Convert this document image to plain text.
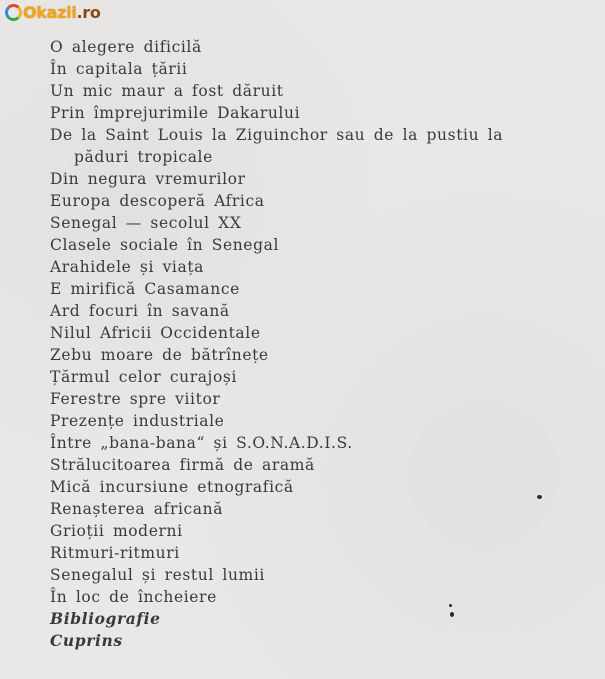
Okazii .ro
O alegere dificilă
În capitala țării
Un mic maur a fost dăruit
Prin împrejurimile Dakarului
De la Saint Louis la Ziguinchor sau de la pustiu la
păduri tropicale
Din negura vremurilor
Europa descoperă Africa
Senegal — secolul XX
Clasele sociale în Senegal
Arahidele și viața
E mirifică Casamance
Ard focuri în savană
Nilul Africii Occidentale
Zebu moare de bătrînețe
Țărmul celor curajoși
Ferestre spre viitor
Prezențe industriale
Între „bana-bana“ și S.O.N.A.D.I.S.
Strălucitoarea firmă de aramă
Mică incursiune etnografică
Renașterea africană
Grioții moderni
Ritmuri-ritmuri
Senegalul și restul lumii
În loc de încheiere
Bibliografie
Cuprins
